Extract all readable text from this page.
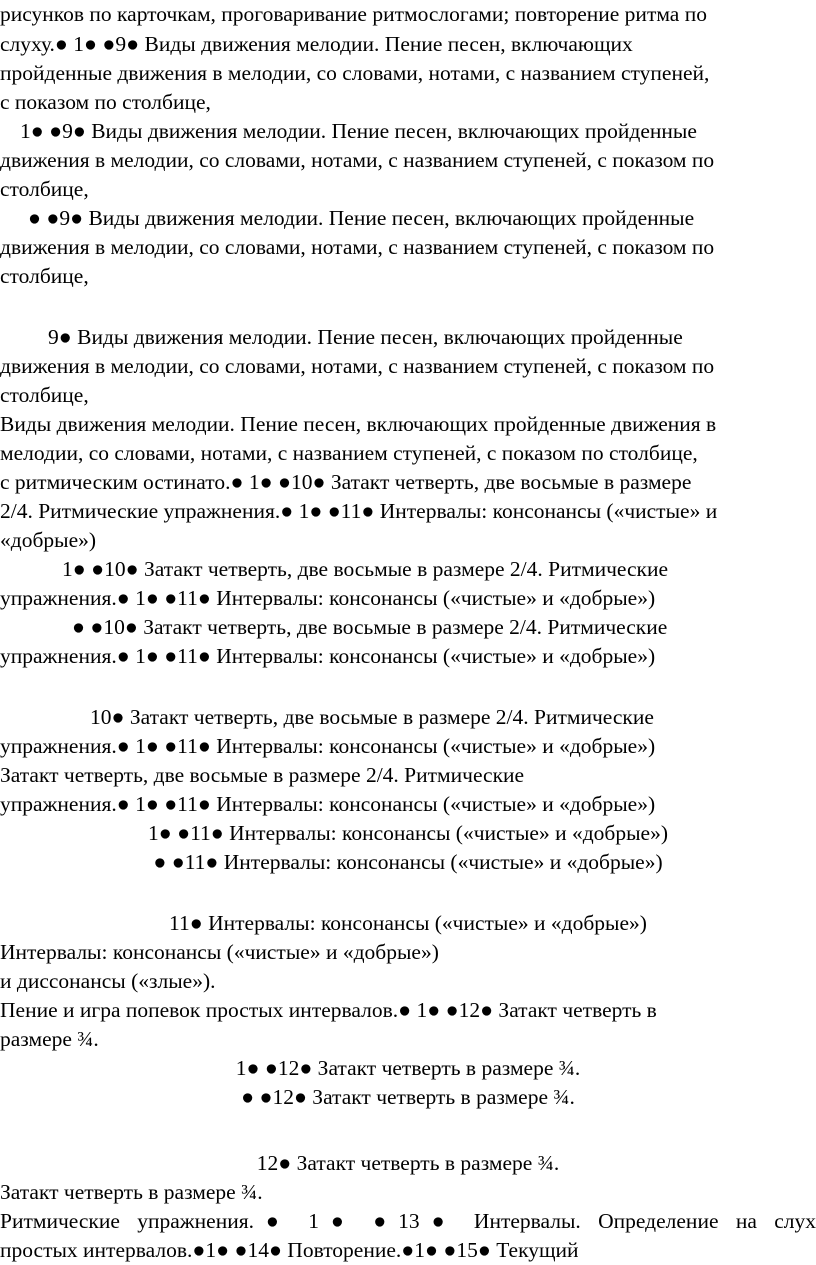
рисунков по карточкам, проговаривание ритмослогами; повторение ритма по
слуху.● 1● ●9● Виды движения мелодии. Пение песен, включающих
пройденные движения в мелодии, со словами, нотами, с названием ступеней,
с показом по столбице,
1● ●9● Виды движения мелодии. Пение песен, включающих пройденные
движения в мелодии, со словами, нотами, с названием ступеней, с показом по
столбице,
● ●9● Виды движения мелодии. Пение песен, включающих пройденные
движения в мелодии, со словами, нотами, с названием ступеней, с показом по
столбице,
9● Виды движения мелодии. Пение песен, включающих пройденные
движения в мелодии, со словами, нотами, с названием ступеней, с показом по
столбице,
Виды движения мелодии. Пение песен, включающих пройденные движения в
мелодии, со словами, нотами, с названием ступеней, с показом по столбице,
с ритмическим остинато.● 1● ●10● Затакт четверть, две восьмые в размере
2/4. Ритмические упражнения.● 1● ●11● Интервалы: консонансы («чистые» и
«добрые»)
1● ●10● Затакт четверть, две восьмые в размере 2/4. Ритмические
упражнения.● 1● ●11● Интервалы: консонансы («чистые» и «добрые»)
● ●10● Затакт четверть, две восьмые в размере 2/4. Ритмические
упражнения.● 1● ●11● Интервалы: консонансы («чистые» и «добрые»)
10● Затакт четверть, две восьмые в размере 2/4. Ритмические
упражнения.● 1● ●11● Интервалы: консонансы («чистые» и «добрые»)
Затакт четверть, две восьмые в размере 2/4. Ритмические
упражнения.● 1● ●11● Интервалы: консонансы («чистые» и «добрые»)
1● ●11● Интервалы: консонансы («чистые» и «добрые»)
● ●11● Интервалы: консонансы («чистые» и «добрые»)
11● Интервалы: консонансы («чистые» и «добрые»)
Интервалы: консонансы («чистые» и «добрые»)
и диссонансы («злые»).
Пение и игра попевок простых интервалов.● 1● ●12● Затакт четверть в
размере ¾.
1● ●12● Затакт четверть в размере ¾.
● ●12● Затакт четверть в размере ¾.
12● Затакт четверть в размере ¾.
Затакт четверть в размере ¾.
Ритмические упражнения.● 1● ●13● Интервалы. Определение на слух
простых интервалов.●1● ●14● Повторение.●1● ●15● Текущий
